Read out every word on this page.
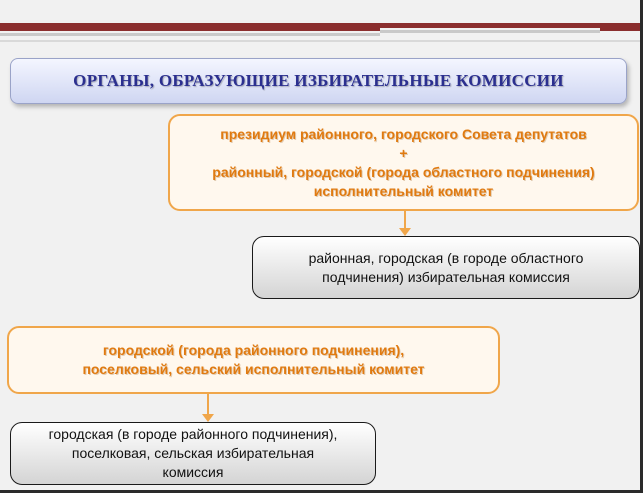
ОРГАНЫ, ОБРАЗУЮЩИЕ ИЗБИРАТЕЛЬНЫЕ КОМИССИИ
президиум районного, городского Совета депутатов
+
районный, городской (города областного подчинения)
исполнительный комитет
районная, городская (в городе областного
подчинения) избирательная комиссия
городской (города районного подчинения),
поселковый, сельский исполнительный комитет
городская (в городе районного подчинения),
поселковая, сельская избирательная
комиссия
